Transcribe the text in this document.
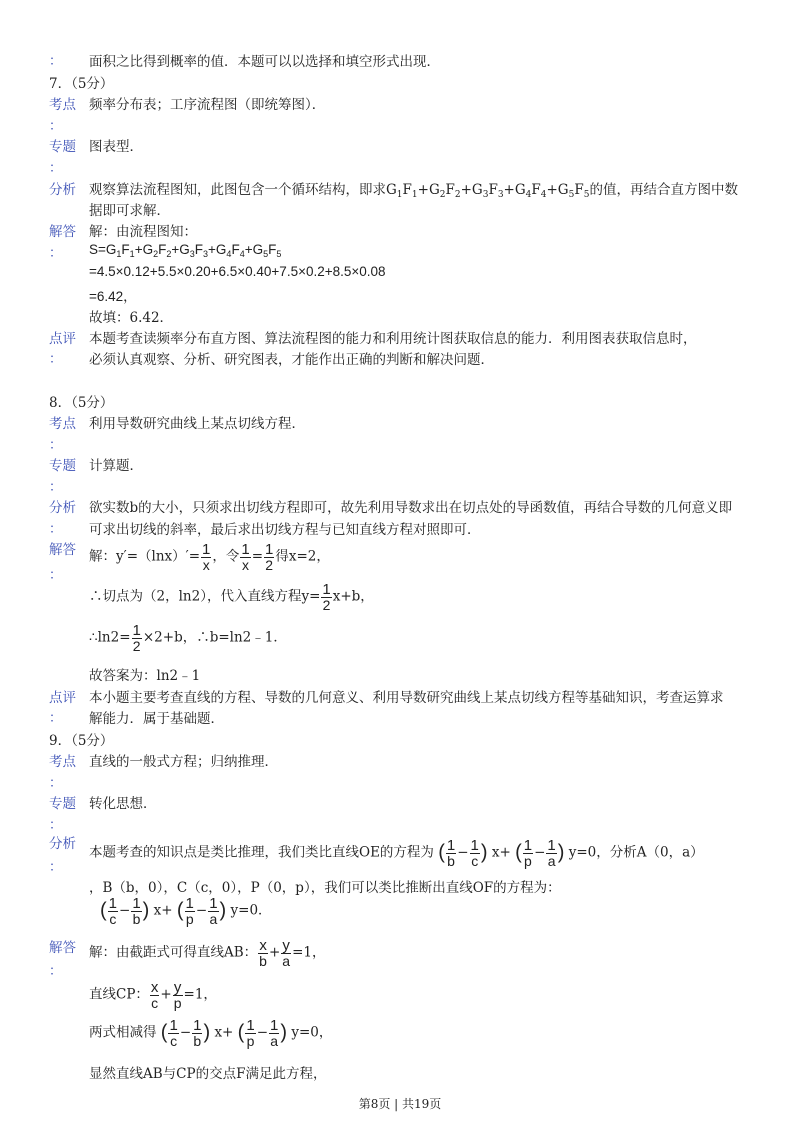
： 面积之比得到概率的值．本题可以以选择和填空形式出现．
7．（5分）
考点 频率分布表；工序流程图（即统筹图）．
：
专题 图表型．
：
分析 观察算法流程图知，此图包含一个循环结构，即求$G_1F_1+G_2F_2+G_3F_3+G_4F_4+G_5F_5$的值，再结合直方图中数
据即可求解．
解答 解：由流程图知：
： $S=G_1F_1+G_2F_2+G_3F_3+G_4F_4+G_5F_5$
=4.5×0.12+5.5×0.20+6.5×0.40+7.5×0.2+8.5×0.08
=6.42，
故填：6.42．
点评 本题考查读频率分布直方图、算法流程图的能力和利用统计图获取信息的能力．利用图表获取信息时，
： 必须认真观察、分析、研究图表，才能作出正确的判断和解决问题．
8．（5分）
考点 利用导数研究曲线上某点切线方程．
：
专题 计算题．
：
分析 欲实数b的大小，只须求出切线方程即可，故先利用导数求出在切点处的导函数值，再结合导数的几何意义即
： 可求出切线的斜率，最后求出切线方程与已知直线方程对照即可．
解答 解：$y'=(\ln x)'= \frac{1}{x}$ ，令 $\frac{1}{x} = \frac{1}{2}$ 得x=2，
：
∴切点为（2，ln2），代入直线方程$y= \frac{1}{2} x+b$，
∴ln2= $\frac{1}{2} \times 2+b$，∴b=ln2﹣1．
故答案为：ln2﹣1
点评 本小题主要考查直线的方程、导数的几何意义、利用导数研究曲线上某点切线方程等基础知识，考查运算求
： 解能力．属于基础题．
9．（5分）
考点 直线的一般式方程；归纳推理．
：
专题 转化思想．
：
分析
本题考查的知识点是类比推理，我们类比直线OE的方程为 ( $\frac{1}{b} - \frac{1}{c}$ ) x+ ( $\frac{1}{p} - \frac{1}{a}$ ) y=0，分析A（0，a）
：
，B（b，0），C（c，0），P（0，p），我们可以类比推断出直线OF的方程为：
( $\frac{1}{c} - \frac{1}{b}$ ) x+ ( $\frac{1}{p} - \frac{1}{a}$ ) y=0．
解答 解：由截距式可得直线AB： $\frac{x}{b} + \frac{y}{a} =1$，
：
直线CP： $\frac{x}{c} + \frac{y}{p} =1$，
两式相减得 ( $\frac{1}{c} - \frac{1}{b}$ ) x+ ( $\frac{1}{p} - \frac{1}{a}$ ) y=0，
显然直线AB与CP的交点F满足此方程，
第8页 | 共19页
